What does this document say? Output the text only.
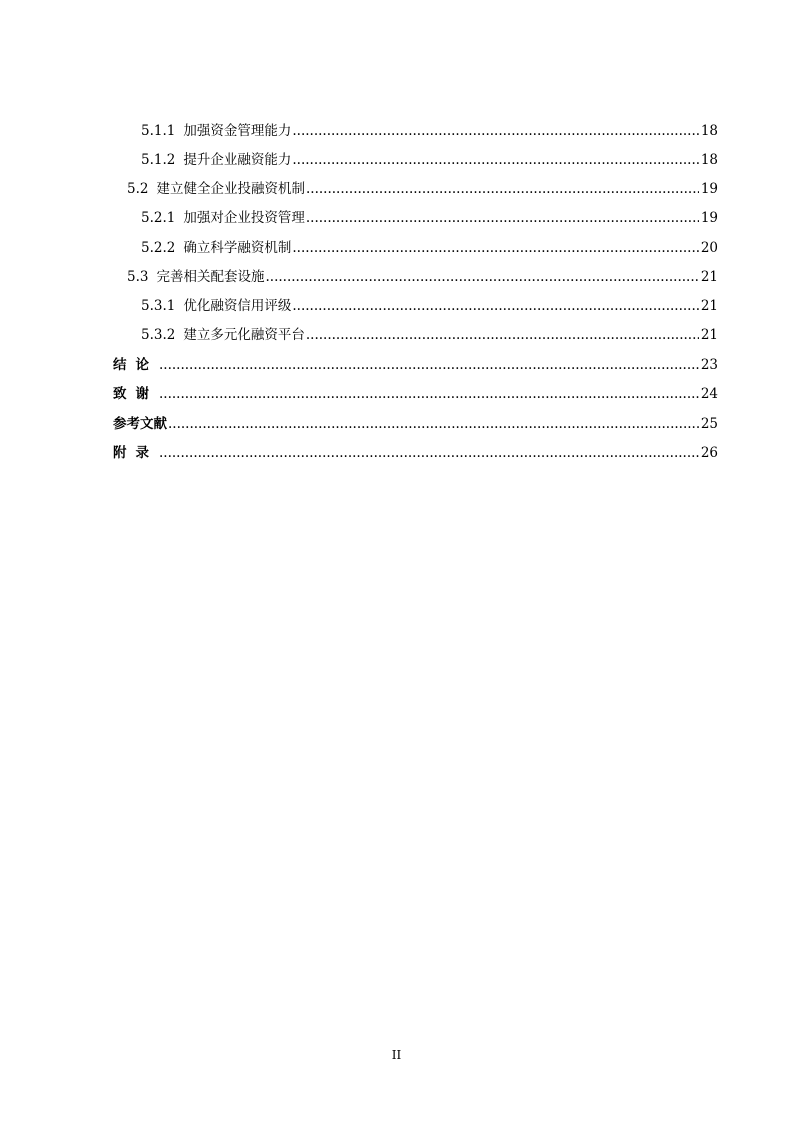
5.1.1 加强资金管理能力 .....	18
5.1.2 提升企业融资能力 .....	18
5.2 建立健全企业投融资机制 .....	19
5.2.1 加强对企业投资管理 .....	19
5.2.2 确立科学融资机制 .....	20
5.3 完善相关配套设施 .....	21
5.3.1 优化融资信用评级 .....	21
5.3.2 建立多元化融资平台 .....	21
结论 .....	23
致谢 .....	24
参考文献 .....	25
附录 .....	26
II
